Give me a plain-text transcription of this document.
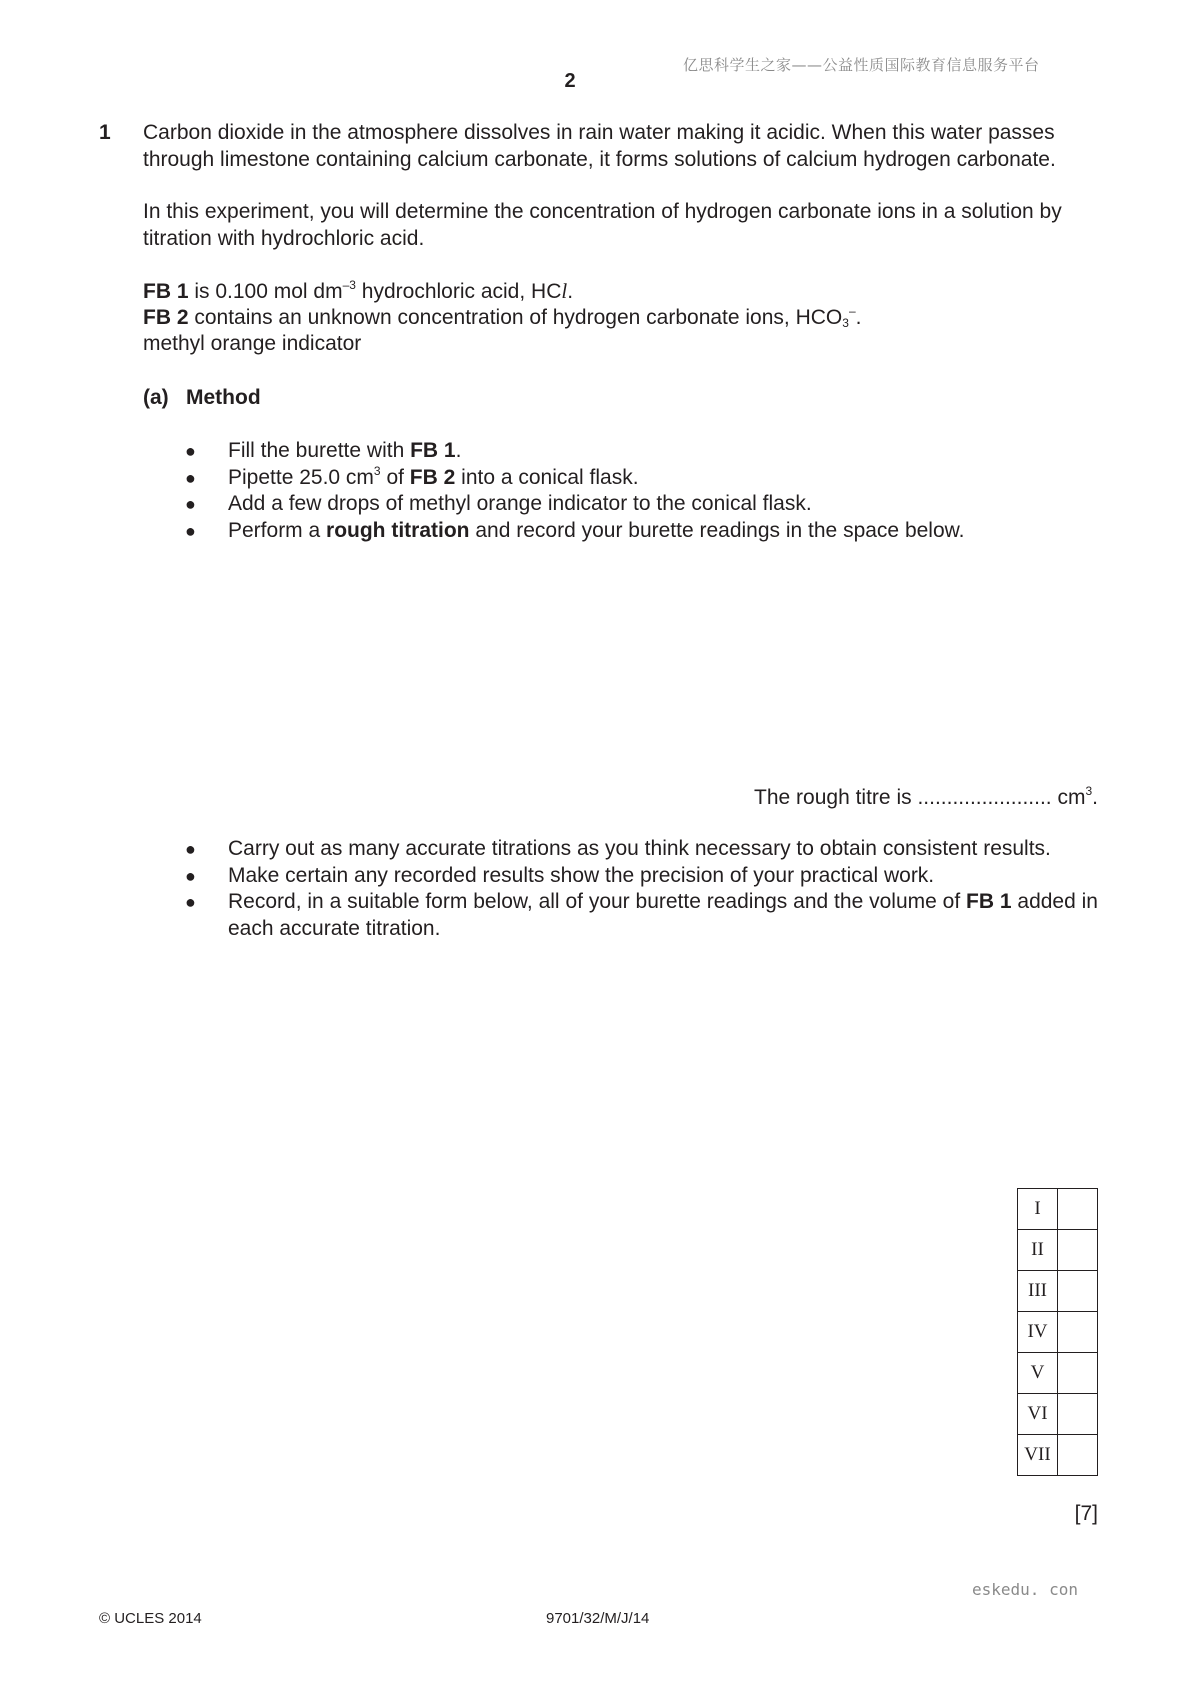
亿思科学生之家——公益性质国际教育信息服务平台
2
1 Carbon dioxide in the atmosphere dissolves in rain water making it acidic. When this water passes through limestone containing calcium carbonate, it forms solutions of calcium hydrogen carbonate.
In this experiment, you will determine the concentration of hydrogen carbonate ions in a solution by titration with hydrochloric acid.
FB 1 is 0.100 mol $dm^{-3}$ hydrochloric acid, HCl.
FB 2 contains an unknown concentration of hydrogen carbonate ions, $HCO_3^-$.
methyl orange indicator
(a) Method
● Fill the burette with FB 1.
● Pipette 25.0 $cm^3$ of FB 2 into a conical flask.
● Add a few drops of methyl orange indicator to the conical flask.
● Perform a rough titration and record your burette readings in the space below.
The rough titre is ....................... $cm^3$.
● Carry out as many accurate titrations as you think necessary to obtain consistent results.
● Make certain any recorded results show the precision of your practical work.
● Record, in a suitable form below, all of your burette readings and the volume of FB 1 added in each accurate titration.
I	
II	
III	
IV	
V	
VI	
VII	
[7]
eskedu. con
© UCLES 2014	9701/32/M/J/14
